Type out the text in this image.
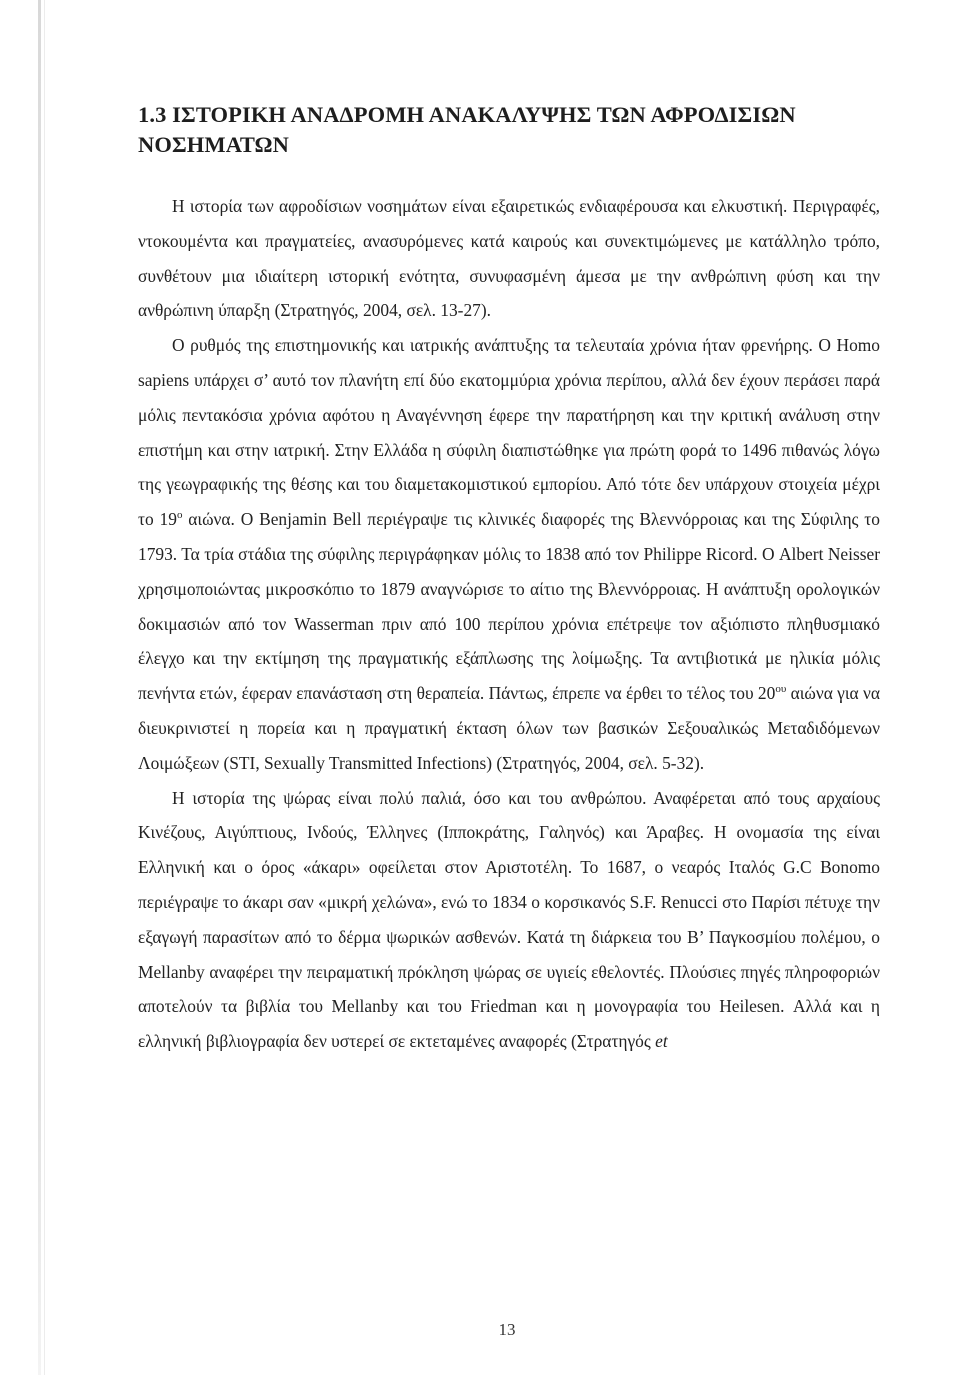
1.3 ΙΣΤΟΡΙΚΗ ΑΝΑΔΡΟΜΗ ΑΝΑΚΑΛΥΨΗΣ ΤΩΝ ΑΦΡΟΔΙΣΙΩΝ
ΝΟΣΗΜΑΤΩΝ

Η ιστορία των αφροδίσιων νοσημάτων είναι εξαιρετικώς ενδιαφέρουσα και ελκυστική. Περιγραφές, ντοκουμέντα και πραγματείες, ανασυρόμενες κατά καιρούς και συνεκτιμώμενες με κατάλληλο τρόπο, συνθέτουν μια ιδιαίτερη ιστορική ενότητα, συνυφασμένη άμεσα με την ανθρώπινη φύση και την ανθρώπινη ύπαρξη (Στρατηγός, 2004, σελ. 13-27).

Ο ρυθμός της επιστημονικής και ιατρικής ανάπτυξης τα τελευταία χρόνια ήταν φρενήρης. Ο Homo sapiens υπάρχει σ’ αυτό τον πλανήτη επί δύο εκατομμύρια χρόνια περίπου, αλλά δεν έχουν περάσει παρά μόλις πεντακόσια χρόνια αφότου η Αναγέννηση έφερε την παρατήρηση και την κριτική ανάλυση στην επιστήμη και στην ιατρική. Στην Ελλάδα η σύφιλη διαπιστώθηκε για πρώτη φορά το 1496 πιθανώς λόγω της γεωγραφικής της θέσης και του διαμετακομιστικού εμπορίου. Από τότε δεν υπάρχουν στοιχεία μέχρι το $19^o$ αιώνα. Ο Benjamin Bell περιέγραψε τις κλινικές διαφορές της Βλεννόρροιας και της Σύφιλης το 1793. Τα τρία στάδια της σύφιλης περιγράφηκαν μόλις το 1838 από τον Philippe Ricord. Ο Albert Neisser χρησιμοποιώντας μικροσκόπιο το 1879 αναγνώρισε το αίτιο της Βλεννόρροιας. Η ανάπτυξη ορολογικών δοκιμασιών από τον Wasserman πριν από 100 περίπου χρόνια επέτρεψε τον αξιόπιστο πληθυσμιακό έλεγχο και την εκτίμηση της πραγματικής εξάπλωσης της λοίμωξης. Τα αντιβιοτικά με ηλικία μόλις πενήντα ετών, έφεραν επανάσταση στη θεραπεία. Πάντως, έπρεπε να έρθει το τέλος του $20^{o\upsilon}$ αιώνα για να διευκρινιστεί η πορεία και η πραγματική έκταση όλων των βασικών Σεξουαλικώς Μεταδιδόμενων Λοιμώξεων (STI, Sexually Transmitted Infections) (Στρατηγός, 2004, σελ. 5-32).

Η ιστορία της ψώρας είναι πολύ παλιά, όσο και του ανθρώπου. Αναφέρεται από τους αρχαίους Κινέζους, Αιγύπτιους, Ινδούς, Έλληνες (Ιπποκράτης, Γαληνός) και Άραβες. Η ονομασία της είναι Ελληνική και ο όρος «άκαρι» οφείλεται στον Αριστοτέλη. Το 1687, ο νεαρός Ιταλός G.C Bonomo περιέγραψε το άκαρι σαν «μικρή χελώνα», ενώ το 1834 ο κορσικανός S.F. Renucci στο Παρίσι πέτυχε την εξαγωγή παρασίτων από το δέρμα ψωρικών ασθενών. Κατά τη διάρκεια του Β’ Παγκοσμίου πολέμου, ο Mellanby αναφέρει την πειραματική πρόκληση ψώρας σε υγιείς εθελοντές. Πλούσιες πηγές πληροφοριών αποτελούν τα βιβλία του Mellanby και του Friedman και η μονογραφία του Heilesen. Αλλά και η ελληνική βιβλιογραφία δεν υστερεί σε εκτεταμένες αναφορές (Στρατηγός et

13
